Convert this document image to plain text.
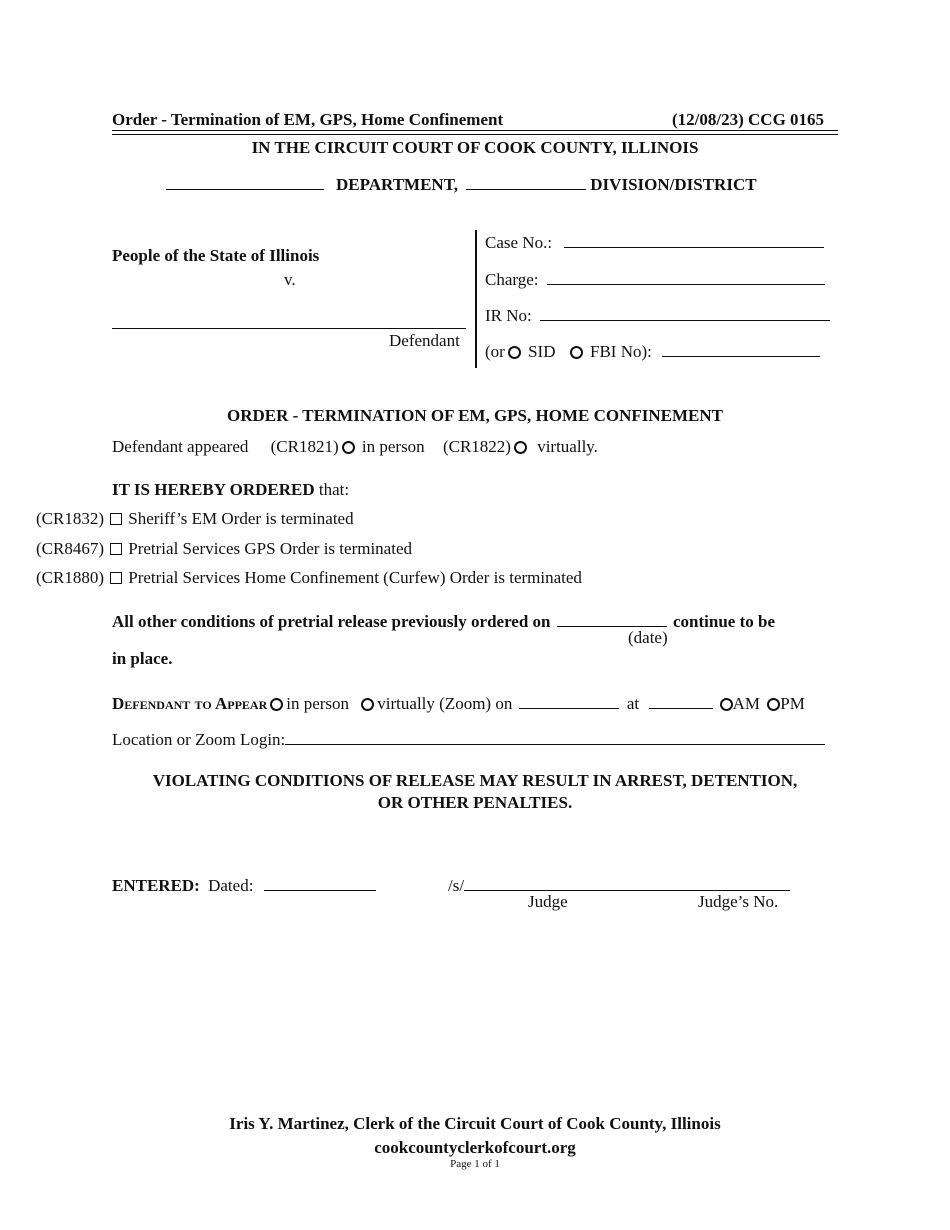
Order - Termination of EM, GPS, Home Confinement	(12/08/23) CCG 0165
IN THE CIRCUIT COURT OF COOK COUNTY, ILLINOIS
DEPARTMENT,	DIVISION/DISTRICT
People of the State of Illinois
v.
Defendant
Case No.:
Charge:
IR No:
(or SID FBI No):
ORDER - TERMINATION OF EM, GPS, HOME CONFINEMENT
Defendant appeared (CR1821) in person (CR1822) virtually.
IT IS HEREBY ORDERED that:
(CR1832) Sheriff’s EM Order is terminated
(CR8467) Pretrial Services GPS Order is terminated
(CR1880) Pretrial Services Home Confinement (Curfew) Order is terminated
All other conditions of pretrial release previously ordered on	continue to be
(date)
in place.
Defendant to Appear in person virtually (Zoom) on	at	AM PM
Location or Zoom Login:
VIOLATING CONDITIONS OF RELEASE MAY RESULT IN ARREST, DETENTION,
OR OTHER PENALTIES.
ENTERED: Dated:	/s/
Judge	Judge’s No.
Iris Y. Martinez, Clerk of the Circuit Court of Cook County, Illinois
cookcountyclerkofcourt.org
Page 1 of 1
